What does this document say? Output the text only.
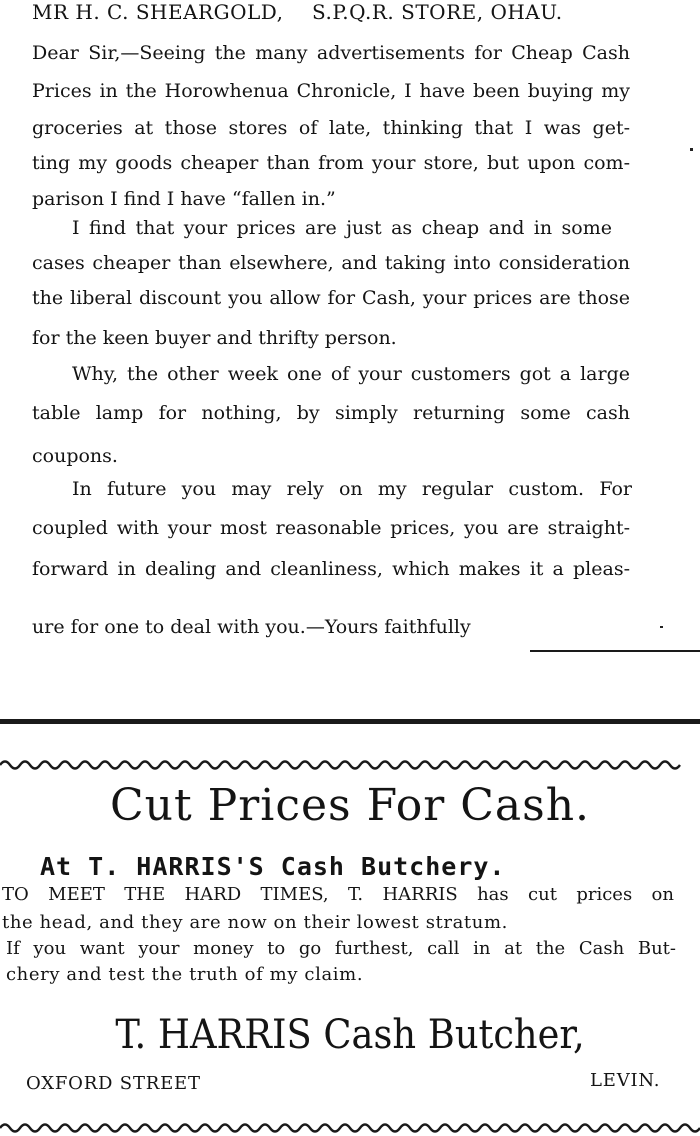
MR H. C. SHEARGOLD, S.P.Q.R. STORE, OHAU.
Dear Sir,—Seeing the many advertisements for Cheap Cash
Prices in the Horowhenua Chronicle, I have been buying my
groceries at those stores of late, thinking that I was get-
ting my goods cheaper than from your store, but upon com-
parison I find I have “fallen in.”
I find that your prices are just as cheap and in some
cases cheaper than elsewhere, and taking into consideration
the liberal discount you allow for Cash, your prices are those
for the keen buyer and thrifty person.
Why, the other week one of your customers got a large
table lamp for nothing, by simply returning some cash
coupons.
In future you may rely on my regular custom. For
coupled with your most reasonable prices, you are straight-
forward in dealing and cleanliness, which makes it a pleas-
ure for one to deal with you.—Yours faithfully
Cut Prices For Cash.
At T. HARRIS'S Cash Butchery.
TO MEET THE HARD TIMES, T. HARRIS has cut prices on
the head, and they are now on their lowest stratum.
If you want your money to go furthest, call in at the Cash But-
chery and test the truth of my claim.
T. HARRIS Cash Butcher,
OXFORD STREET	LEVIN.
